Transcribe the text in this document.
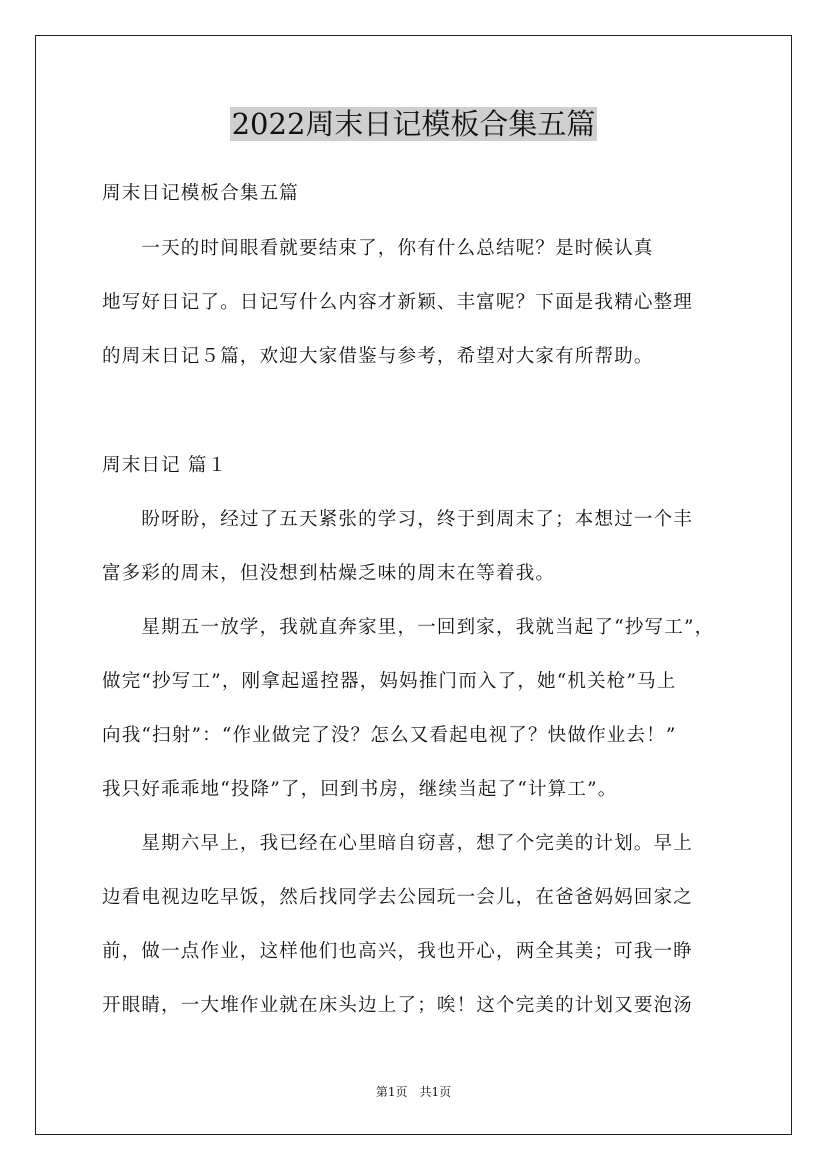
2022周末日记模板合集五篇
周末日记模板合集五篇
　　一天的时间眼看就要结束了，你有什么总结呢？是时候认真
地写好日记了。日记写什么内容才新颖、丰富呢？下面是我精心整理
的周末日记５篇，欢迎大家借鉴与参考，希望对大家有所帮助。
周末日记 篇１
　　盼呀盼，经过了五天紧张的学习，终于到周末了；本想过一个丰
富多彩的周末，但没想到枯燥乏味的周末在等着我。
　　星期五一放学，我就直奔家里，一回到家，我就当起了“抄写工”，
做完“抄写工”，刚拿起遥控器，妈妈推门而入了，她“机关枪”马上
向我“扫射”：“作业做完了没？怎么又看起电视了？快做作业去！”
我只好乖乖地“投降”了，回到书房，继续当起了“计算工”。
　　星期六早上，我已经在心里暗自窃喜，想了个完美的计划。早上
边看电视边吃早饭，然后找同学去公园玩一会儿，在爸爸妈妈回家之
前，做一点作业，这样他们也高兴，我也开心，两全其美；可我一睁
开眼睛，一大堆作业就在床头边上了；唉！这个完美的计划又要泡汤
第1页　共1页
